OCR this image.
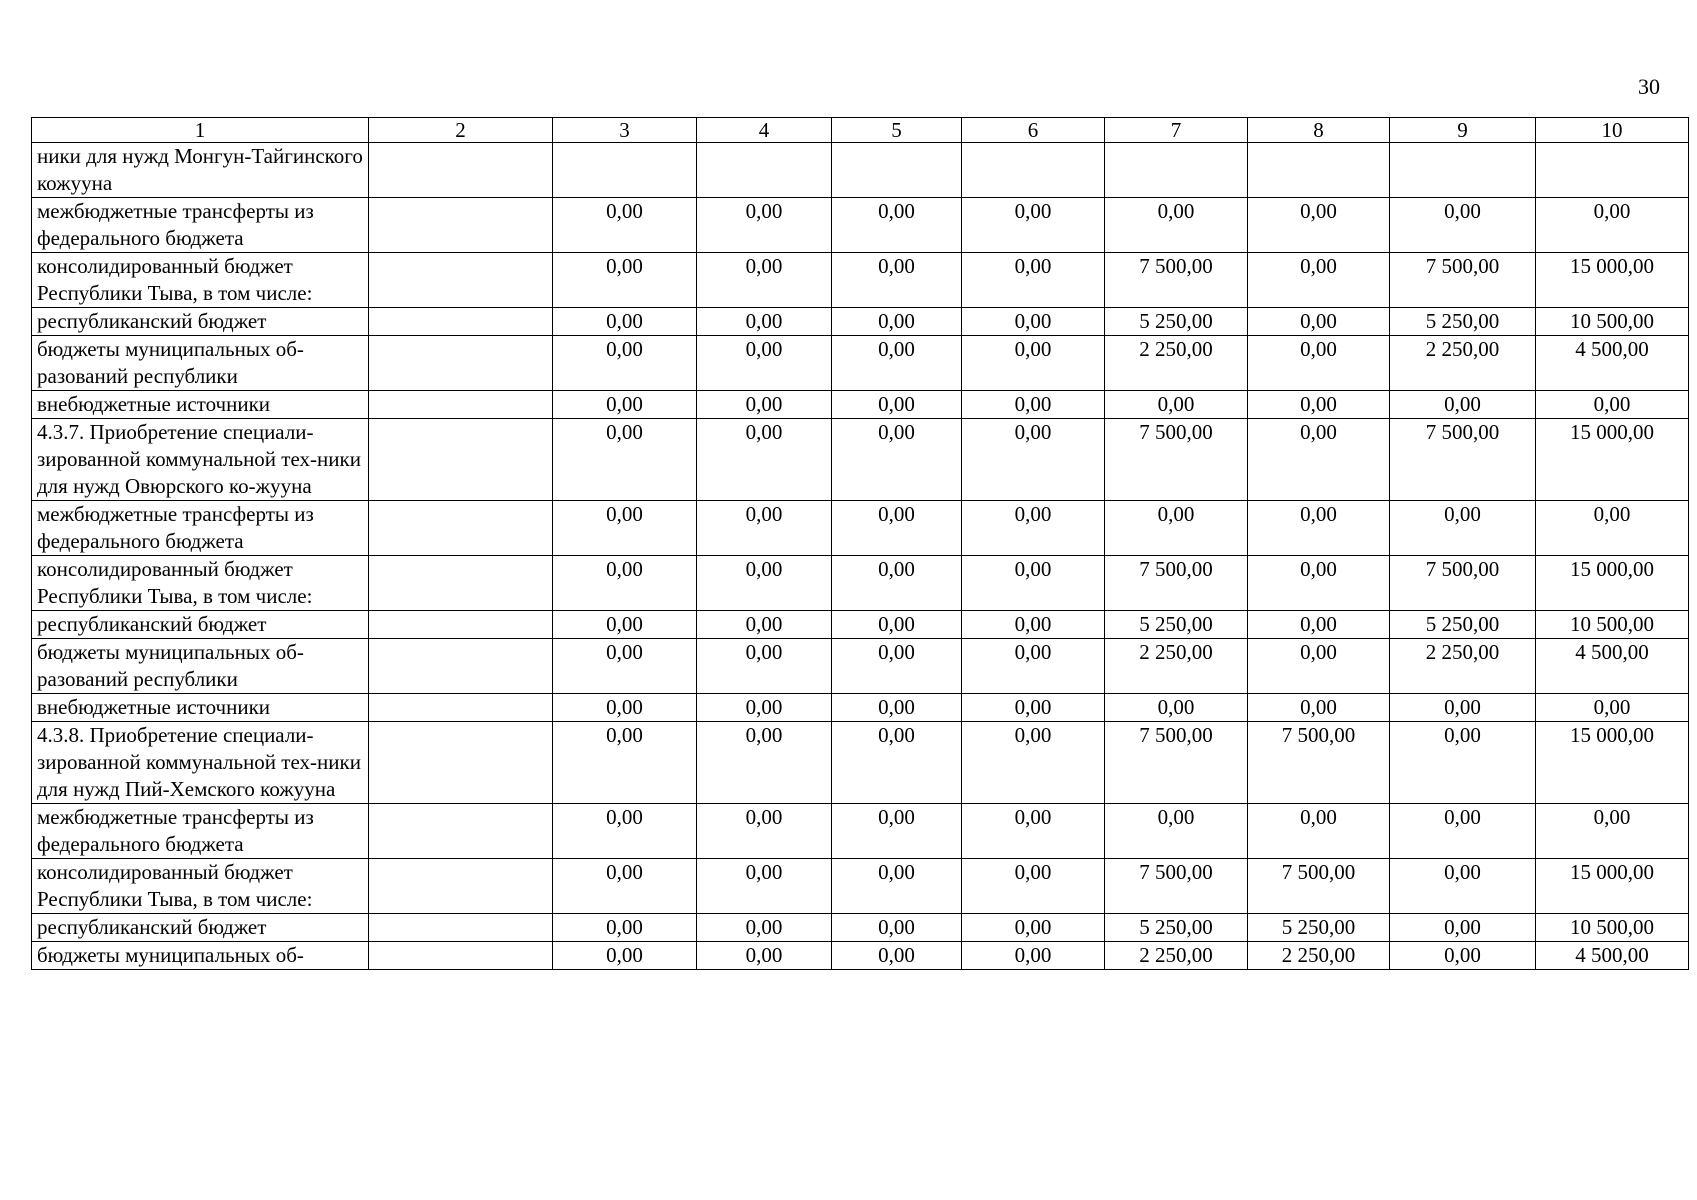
30
1	2	3	4	5	6	7	8	9	10
ники для нужд Монгун-Тайгинского кожууна									
межбюджетные трансферты из федерального бюджета		0,00	0,00	0,00	0,00	0,00	0,00	0,00	0,00
консолидированный бюджет Республики Тыва, в том числе:		0,00	0,00	0,00	0,00	7 500,00	0,00	7 500,00	15 000,00
республиканский бюджет		0,00	0,00	0,00	0,00	5 250,00	0,00	5 250,00	10 500,00
бюджеты муниципальных об-разований республики		0,00	0,00	0,00	0,00	2 250,00	0,00	2 250,00	4 500,00
внебюджетные источники		0,00	0,00	0,00	0,00	0,00	0,00	0,00	0,00
4.3.7. Приобретение специали-зированной коммунальной тех-ники для нужд Овюрского ко-жууна		0,00	0,00	0,00	0,00	7 500,00	0,00	7 500,00	15 000,00
межбюджетные трансферты из федерального бюджета		0,00	0,00	0,00	0,00	0,00	0,00	0,00	0,00
консолидированный бюджет Республики Тыва, в том числе:		0,00	0,00	0,00	0,00	7 500,00	0,00	7 500,00	15 000,00
республиканский бюджет		0,00	0,00	0,00	0,00	5 250,00	0,00	5 250,00	10 500,00
бюджеты муниципальных об-разований республики		0,00	0,00	0,00	0,00	2 250,00	0,00	2 250,00	4 500,00
внебюджетные источники		0,00	0,00	0,00	0,00	0,00	0,00	0,00	0,00
4.3.8. Приобретение специали-зированной коммунальной тех-ники для нужд Пий-Хемского кожууна		0,00	0,00	0,00	0,00	7 500,00	7 500,00	0,00	15 000,00
межбюджетные трансферты из федерального бюджета		0,00	0,00	0,00	0,00	0,00	0,00	0,00	0,00
консолидированный бюджет Республики Тыва, в том числе:		0,00	0,00	0,00	0,00	7 500,00	7 500,00	0,00	15 000,00
республиканский бюджет		0,00	0,00	0,00	0,00	5 250,00	5 250,00	0,00	10 500,00
бюджеты муниципальных об-		0,00	0,00	0,00	0,00	2 250,00	2 250,00	0,00	4 500,00
